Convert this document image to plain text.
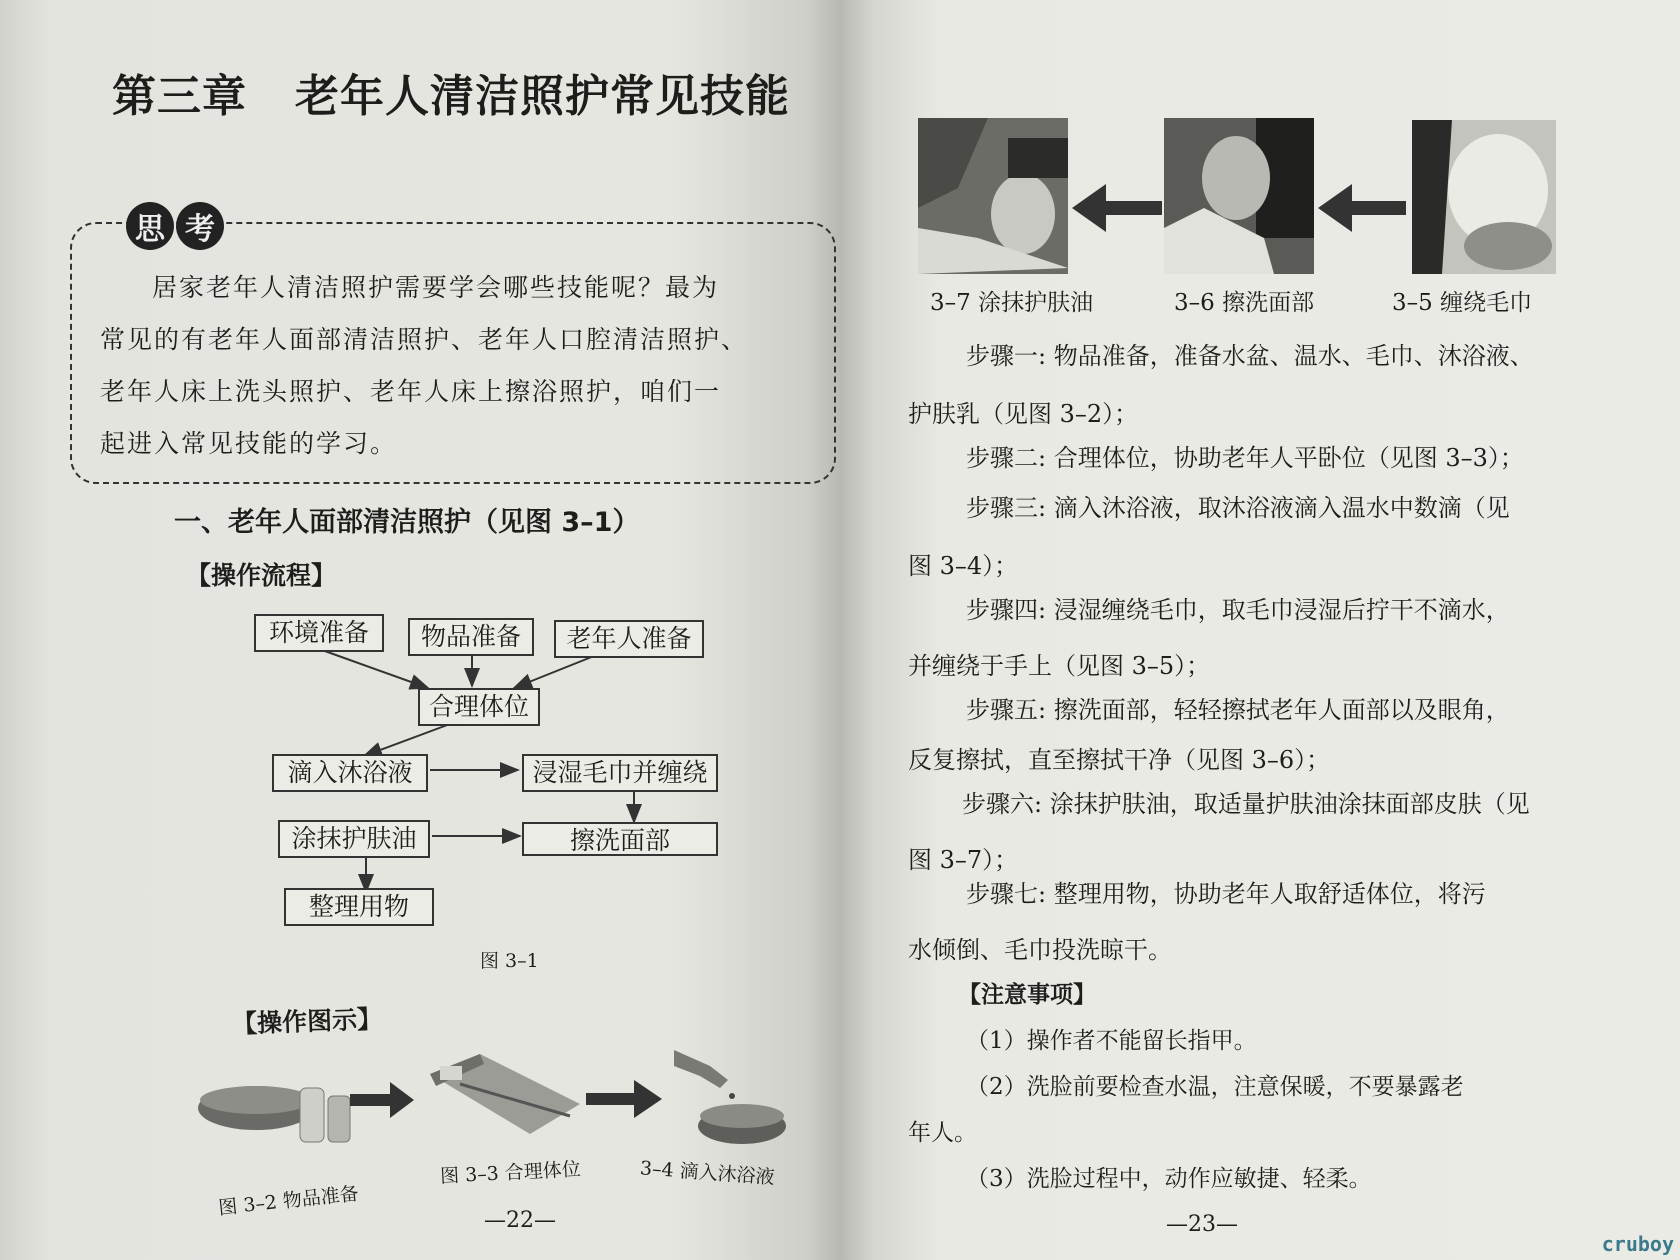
第三章 老年人清洁照护常见技能
思 考
居家老年人清洁照护需要学会哪些技能呢？最为
常见的有老年人面部清洁照护、老年人口腔清洁照护、
老年人床上洗头照护、老年人床上擦浴照护，咱们一
起进入常见技能的学习。
一、老年人面部清洁照护（见图 3–1）
【操作流程】
环境准备	物品准备	老年人准备
合理体位
滴入沐浴液	浸湿毛巾并缠绕
涂抹护肤油	擦洗面部
整理用物
图 3–1
【操作图示】
图 3–2 物品准备
图 3–3 合理体位	3–4 滴入沐浴液
—22—
3–7 涂抹护肤油	3–6 擦洗面部	3–5 缠绕毛巾
步骤一: 物品准备，准备水盆、温水、毛巾、沐浴液、
护肤乳（见图 3–2）；
步骤二: 合理体位，协助老年人平卧位（见图 3–3）；
步骤三: 滴入沐浴液，取沐浴液滴入温水中数滴（见
图 3–4）；
步骤四: 浸湿缠绕毛巾，取毛巾浸湿后拧干不滴水，
并缠绕于手上（见图 3–5）；
步骤五: 擦洗面部，轻轻擦拭老年人面部以及眼角，
反复擦拭，直至擦拭干净（见图 3–6）；
步骤六: 涂抹护肤油，取适量护肤油涂抹面部皮肤（见
图 3–7）；
步骤七: 整理用物，协助老年人取舒适体位，将污
水倾倒、毛巾投洗晾干。
【注意事项】
（1）操作者不能留长指甲。
（2）洗脸前要检查水温，注意保暖，不要暴露老
年人。
（3）洗脸过程中，动作应敏捷、轻柔。
—23—
cruboy
